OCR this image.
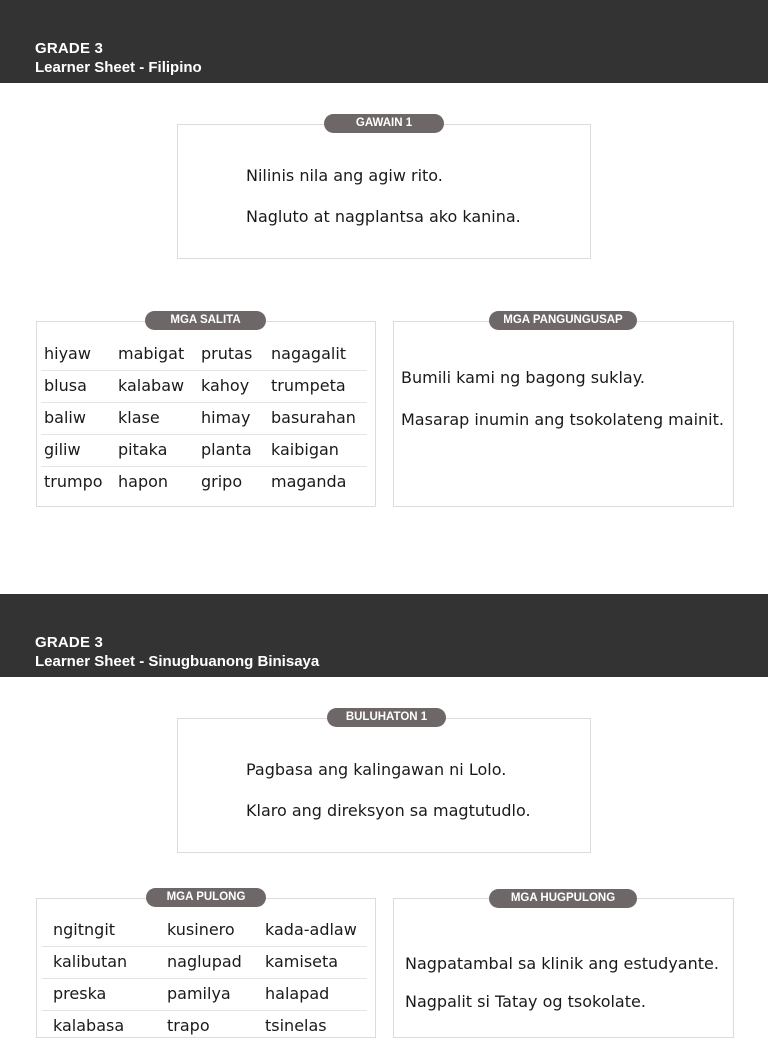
GRADE 3
Learner Sheet - Filipino
Nilinis nila ang agiw rito.
Nagluto at nagplantsa ako kanina.
GAWAIN 1
hiyaw mabigat prutas nagagalit
blusa kalabaw kahoy trumpeta
baliw klase	himay basurahan
giliw pitaka planta kaibigan
trumpo hapon gripo maganda
MGA SALITA
Bumili kami ng bagong suklay.
Masarap inumin ang tsokolateng mainit.
MGA PANGUNGUSAP
GRADE 3
Learner Sheet - Sinugbuanong Binisaya
Pagbasa ang kalingawan ni Lolo.
Klaro ang direksyon sa magtutudlo.
BULUHATON 1
ngitngit	kusinero kada-adlaw
kalibutan naglupad kamiseta
preska	pamilya halapad
kalabasa	trapo	tsinelas
MGA PULONG
Nagpatambal sa klinik ang estudyante.
Nagpalit si Tatay og tsokolate.
MGA HUGPULONG
